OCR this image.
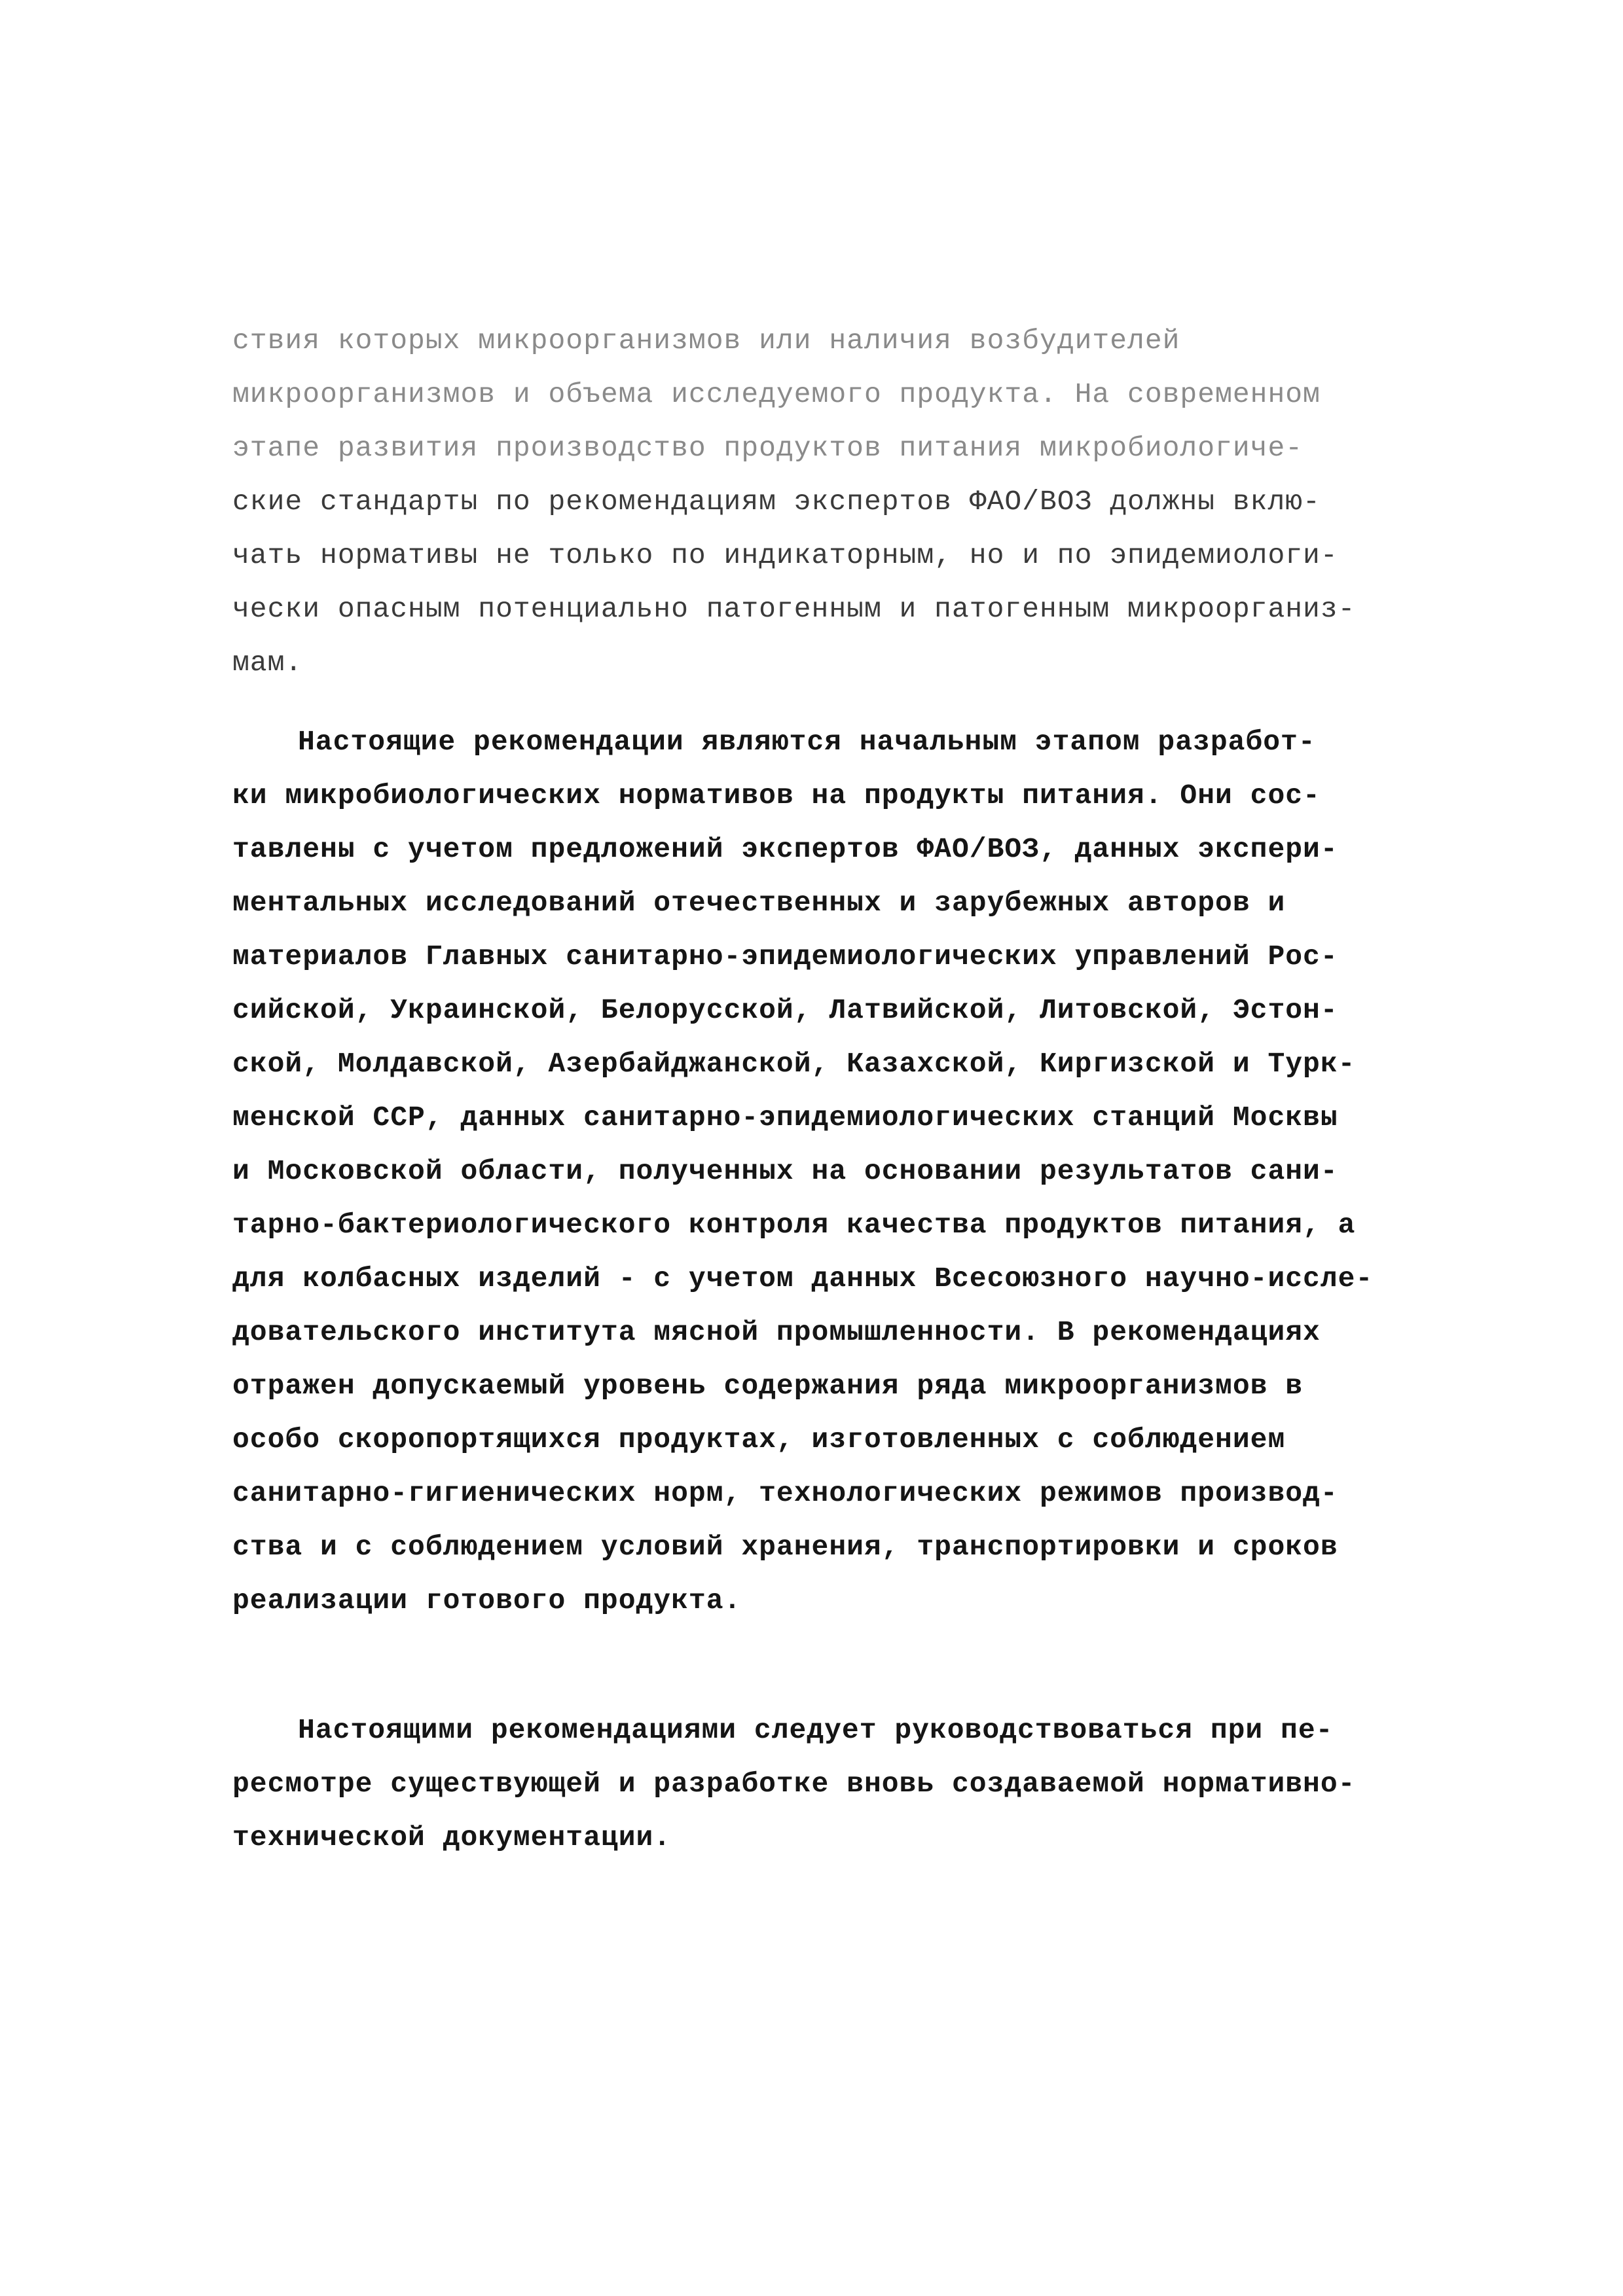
ствия которых микроорганизмов или наличия возбудителей
микроорганизмов и объема исследуемого продукта. На современном
этапе развития производство продуктов питания микробиологиче-
ские стандарты по рекомендациям экспертов ФАО/ВОЗ должны вклю-
чать нормативы не только по индикаторным, но и по эпидемиологи-
чески опасным потенциально патогенным и патогенным микроорганиз-
мам.
Настоящие рекомендации являются начальным этапом разработ-
ки микробиологических нормативов на продукты питания. Они сос-
тавлены с учетом предложений экспертов ФАО/ВОЗ, данных экспери-
ментальных исследований отечественных и зарубежных авторов и
материалов Главных санитарно-эпидемиологических управлений Рос-
сийской, Украинской, Белорусской, Латвийской, Литовской, Эстон-
ской, Молдавской, Азербайджанской, Казахской, Киргизской и Турк-
менской ССР, данных санитарно-эпидемиологических станций Москвы
и Московской области, полученных на основании результатов сани-
тарно-бактериологического контроля качества продуктов питания, а
для колбасных изделий - с учетом данных Всесоюзного научно-иссле-
довательского института мясной промышленности. В рекомендациях
отражен допускаемый уровень содержания ряда микроорганизмов в
особо скоропортящихся продуктах, изготовленных с соблюдением
санитарно-гигиенических норм, технологических режимов производ-
ства и с соблюдением условий хранения, транспортировки и сроков
реализации готового продукта.
Настоящими рекомендациями следует руководствоваться при пе-
ресмотре существующей и разработке вновь создаваемой нормативно-
технической документации.
